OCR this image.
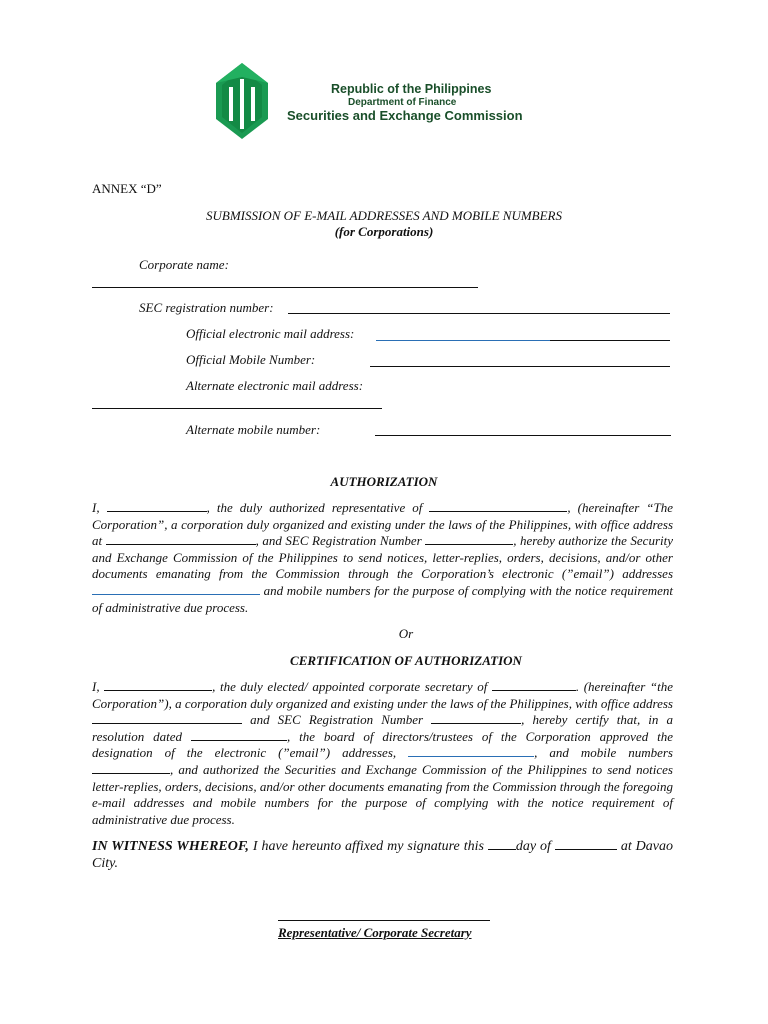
Republic of the Philippines
Department of Finance
Securities and Exchange Commission
ANNEX “D”
SUBMISSION OF E-MAIL ADDRESSES AND MOBILE NUMBERS
(for Corporations)
Corporate name:
SEC registration number:
Official electronic mail address:
Official Mobile Number:
Alternate electronic mail address:
Alternate mobile number:
AUTHORIZATION
I,	, the duly authorized representative of	, (hereinafter “The Corporation”, a corporation duly organized and existing under the laws of the Philippines, with office address at	, and SEC Registration Number	, hereby authorize the Security and Exchange Commission of the Philippines to send notices, letter-replies, orders, decisions, and/or other documents emanating from the Commission through the Corporation’s electronic (”email”) addresses  and mobile numbers for the purpose of complying with the notice requirement of administrative due process.
Or
CERTIFICATION OF AUTHORIZATION
I,	, the duly elected/ appointed corporate secretary of	. (hereinafter “the Corporation”), a corporation duly organized and existing under the laws of the Philippines, with office address  and SEC Registration Number	, hereby certify that, in a resolution dated	, the board of directors/trustees of the Corporation approved the designation of the electronic (”email”) addresses,	, and mobile numbers , and authorized the Securities and Exchange Commission of the Philippines to send notices letter-replies, orders, decisions, and/or other documents emanating from the Commission through the foregoing e-mail addresses and mobile numbers for the purpose of complying with the notice requirement of administrative due process.
IN WITNESS WHEREOF, I have hereunto affixed my signature this day of	at Davao City.
Representative/ Corporate Secretary
